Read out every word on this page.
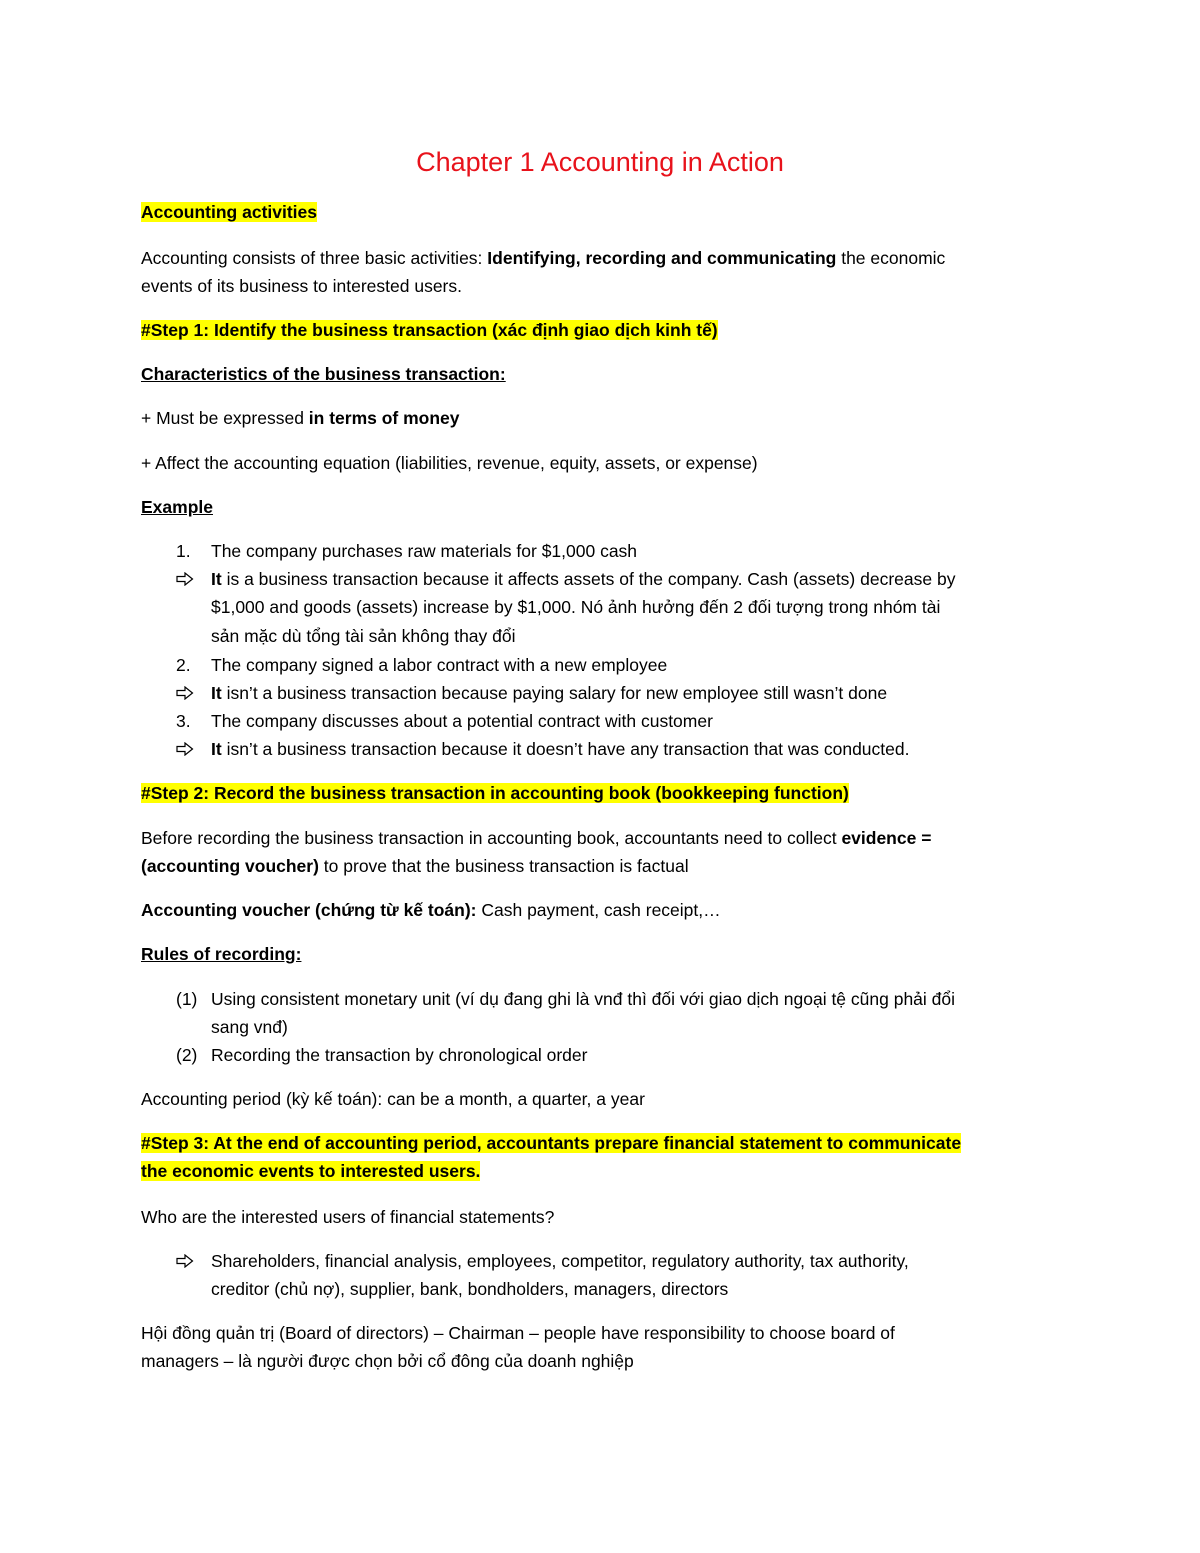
Chapter 1 Accounting in Action
Accounting activities
Accounting consists of three basic activities: Identifying, recording and communicating the economic
events of its business to interested users.
#Step 1: Identify the business transaction (xác định giao dịch kinh tế)
Characteristics of the business transaction:
+ Must be expressed in terms of money
+ Affect the accounting equation (liabilities, revenue, equity, assets, or expense)
Example
1. The company purchases raw materials for $1,000 cash
It is a business transaction because it affects assets of the company. Cash (assets) decrease by
$1,000 and goods (assets) increase by $1,000. Nó ảnh hưởng đến 2 đối tượng trong nhóm tài
sản mặc dù tổng tài sản không thay đổi
2. The company signed a labor contract with a new employee
It isn’t a business transaction because paying salary for new employee still wasn’t done
3. The company discusses about a potential contract with customer
It isn’t a business transaction because it doesn’t have any transaction that was conducted.
#Step 2: Record the business transaction in accounting book (bookkeeping function)
Before recording the business transaction in accounting book, accountants need to collect evidence =
(accounting voucher) to prove that the business transaction is factual
Accounting voucher (chứng từ kế toán): Cash payment, cash receipt,…
Rules of recording:
(1) Using consistent monetary unit (ví dụ đang ghi là vnđ thì đối với giao dịch ngoại tệ cũng phải đổi
sang vnđ)
(2) Recording the transaction by chronological order
Accounting period (kỳ kế toán): can be a month, a quarter, a year
#Step 3: At the end of accounting period, accountants prepare financial statement to communicate
the economic events to interested users.
Who are the interested users of financial statements?
Shareholders, financial analysis, employees, competitor, regulatory authority, tax authority,
creditor (chủ nợ), supplier, bank, bondholders, managers, directors
Hội đồng quản trị (Board of directors) – Chairman – people have responsibility to choose board of
managers – là người được chọn bởi cổ đông của doanh nghiệp
